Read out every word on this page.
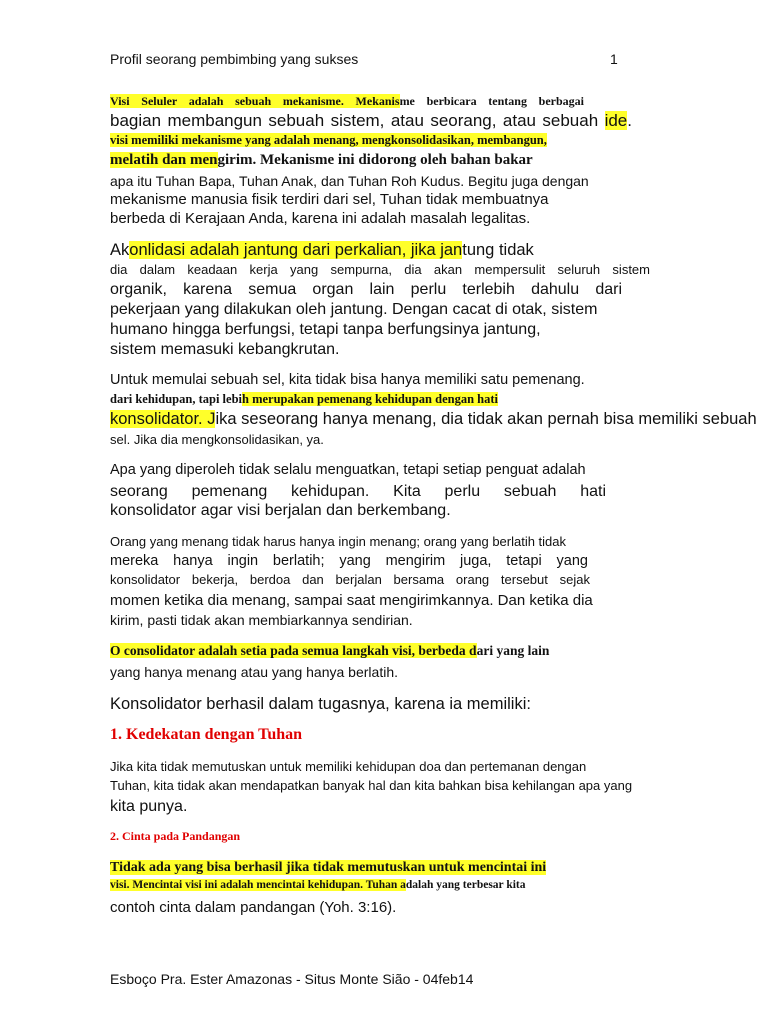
Profil seorang pembimbing yang sukses	1
Visi Seluler adalah sebuah mekanisme. Mekanisme berbicara tentang berbagai
bagian membangun sebuah sistem, atau seorang, atau sebuah ide.
visi memiliki mekanisme yang adalah menang, mengkonsolidasikan, membangun,
melatih dan mengirim. Mekanisme ini didorong oleh bahan bakar
apa itu Tuhan Bapa, Tuhan Anak, dan Tuhan Roh Kudus. Begitu juga dengan
mekanisme manusia fisik terdiri dari sel, Tuhan tidak membuatnya
berbeda di Kerajaan Anda, karena ini adalah masalah legalitas.
Akonlidasi adalah jantung dari perkalian, jika jantung tidak
dia dalam keadaan kerja yang sempurna, dia akan mempersulit seluruh sistem
organik, karena semua organ lain perlu terlebih dahulu dari
pekerjaan yang dilakukan oleh jantung. Dengan cacat di otak, sistem
humano hingga berfungsi, tetapi tanpa berfungsinya jantung,
sistem memasuki kebangkrutan.
Untuk memulai sebuah sel, kita tidak bisa hanya memiliki satu pemenang.
dari kehidupan, tapi lebih merupakan pemenang kehidupan dengan hati
konsolidator. Jika seseorang hanya menang, dia tidak akan pernah bisa memiliki sebuah
sel. Jika dia mengkonsolidasikan, ya.
Apa yang diperoleh tidak selalu menguatkan, tetapi setiap penguat adalah
seorang pemenang kehidupan. Kita perlu sebuah hati
konsolidator agar visi berjalan dan berkembang.
Orang yang menang tidak harus hanya ingin menang; orang yang berlatih tidak
mereka hanya ingin berlatih; yang mengirim juga, tetapi yang
konsolidator bekerja, berdoa dan berjalan bersama orang tersebut sejak
momen ketika dia menang, sampai saat mengirimkannya. Dan ketika dia
kirim, pasti tidak akan membiarkannya sendirian.
O consolidator adalah setia pada semua langkah visi, berbeda dari yang lain
yang hanya menang atau yang hanya berlatih.
Konsolidator berhasil dalam tugasnya, karena ia memiliki:
1. Kedekatan dengan Tuhan
Jika kita tidak memutuskan untuk memiliki kehidupan doa dan pertemanan dengan
Tuhan, kita tidak akan mendapatkan banyak hal dan kita bahkan bisa kehilangan apa yang
kita punya.
2. Cinta pada Pandangan
Tidak ada yang bisa berhasil jika tidak memutuskan untuk mencintai ini
visi. Mencintai visi ini adalah mencintai kehidupan. Tuhan adalah yang terbesar kita
contoh cinta dalam pandangan (Yoh. 3:16).
Esboço Pra. Ester Amazonas - Situs Monte Sião - 04feb14
